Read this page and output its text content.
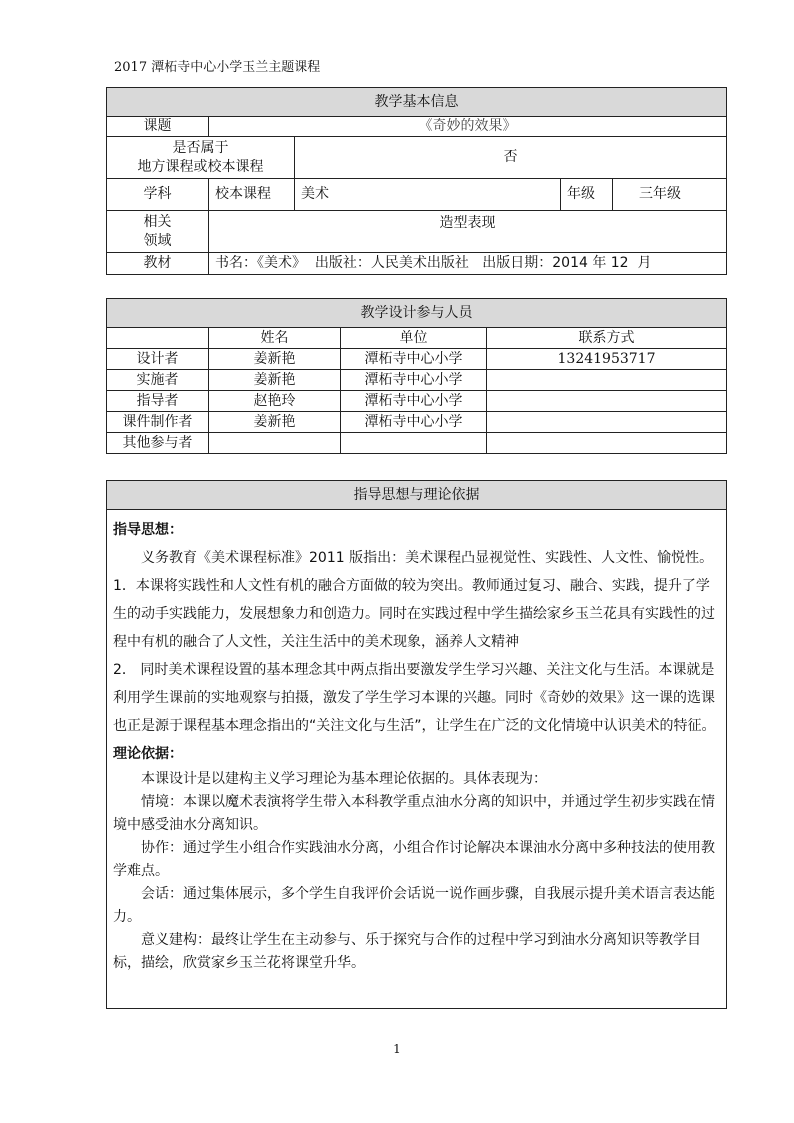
2017 潭柘寺中心小学玉兰主题课程
教学基本信息				
课题	《奇妙的效果》			

是否属于
地方课程或校本课程		否		
学科	校本课程	美术	年级	三年级

相关
领域	造型表现			
教材	书名：《美术》  出版社：人民美术出版社   出版日期：2014 年 12  月			
教学设计参与人员			
	姓名	单位	联系方式
设计者	姜新艳	潭柘寺中心小学	13241953717
实施者	姜新艳	潭柘寺中心小学	
指导者	赵艳玲	潭柘寺中心小学	
课件制作者	姜新艳	潭柘寺中心小学	
其他参与者			
指导思想与理论依据

指导思想：

义务教育《美术课程标准》2011 版指出：美术课程凸显视觉性、实践性、人文性、愉悦性。

1．本课将实践性和人文性有机的融合方面做的较为突出。教师通过复习、融合、实践，提升了学生的动手实践能力，发展想象力和创造力。同时在实践过程中学生描绘家乡玉兰花具有实践性的过程中有机的融合了人文性，关注生活中的美术现象，涵养人文精神

2． 同时美术课程设置的基本理念其中两点指出要激发学生学习兴趣、关注文化与生活。本课就是利用学生课前的实地观察与拍摄，激发了学生学习本课的兴趣。同时《奇妙的效果》这一课的选课也正是源于课程基本理念指出的“关注文化与生活”，让学生在广泛的文化情境中认识美术的特征。

理论依据：

本课设计是以建构主义学习理论为基本理论依据的。具体表现为：

情境：本课以魔术表演将学生带入本科教学重点油水分离的知识中，并通过学生初步实践在情境中感受油水分离知识。

协作：通过学生小组合作实践油水分离，小组合作讨论解决本课油水分离中多种技法的使用教学难点。

会话：通过集体展示，多个学生自我评价会话说一说作画步骤，自我展示提升美术语言表达能力。

意义建构：最终让学生在主动参与、乐于探究与合作的过程中学习到油水分离知识等教学目标，描绘，欣赏家乡玉兰花将课堂升华。

1
